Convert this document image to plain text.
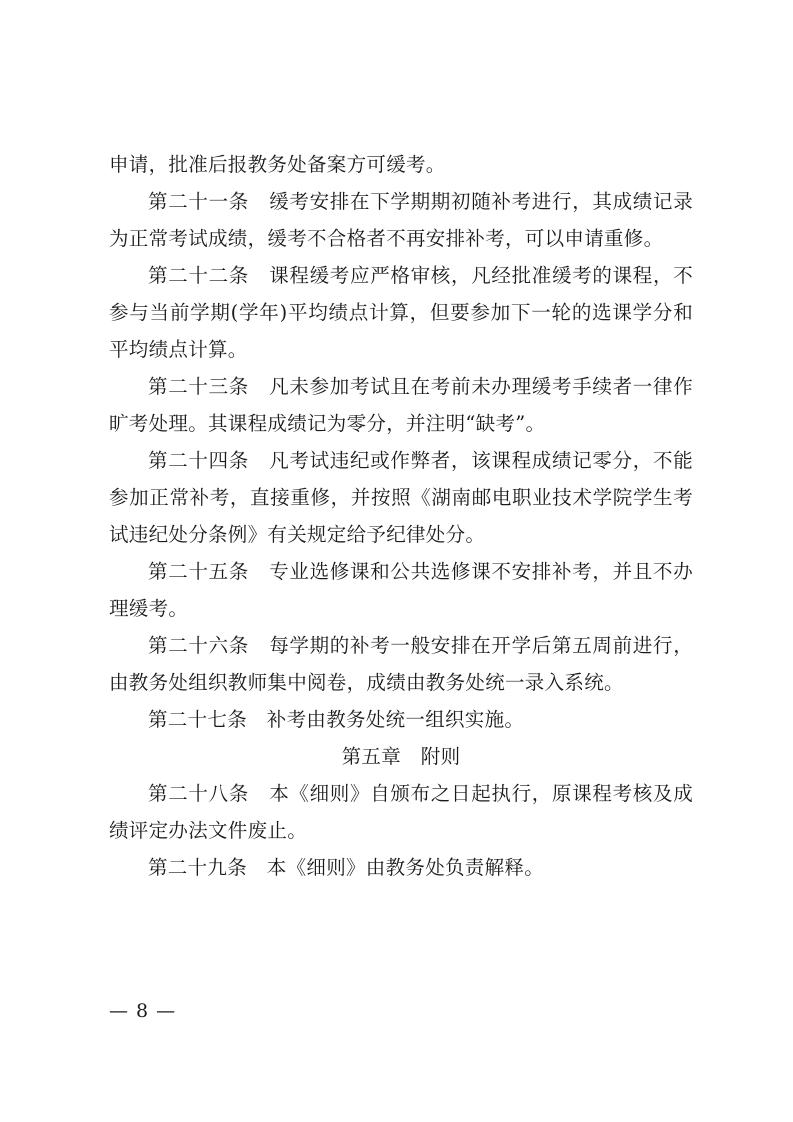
申请，批准后报教务处备案方可缓考。

第二十一条　缓考安排在下学期期初随补考进行，其成绩记录为正常考试成绩，缓考不合格者不再安排补考，可以申请重修。

第二十二条　课程缓考应严格审核，凡经批准缓考的课程，不参与当前学期(学年)平均绩点计算，但要参加下一轮的选课学分和平均绩点计算。

第二十三条　凡未参加考试且在考前未办理缓考手续者一律作旷考处理。其课程成绩记为零分，并注明“缺考”。

第二十四条　凡考试违纪或作弊者，该课程成绩记零分，不能参加正常补考，直接重修，并按照《湖南邮电职业技术学院学生考试违纪处分条例》有关规定给予纪律处分。

第二十五条　专业选修课和公共选修课不安排补考，并且不办理缓考。

第二十六条　每学期的补考一般安排在开学后第五周前进行，由教务处组织教师集中阅卷，成绩由教务处统一录入系统。

第二十七条　补考由教务处统一组织实施。

第五章　附则

第二十八条　本《细则》自颁布之日起执行，原课程考核及成绩评定办法文件废止。

第二十九条　本《细则》由教务处负责解释。

— 8 —
